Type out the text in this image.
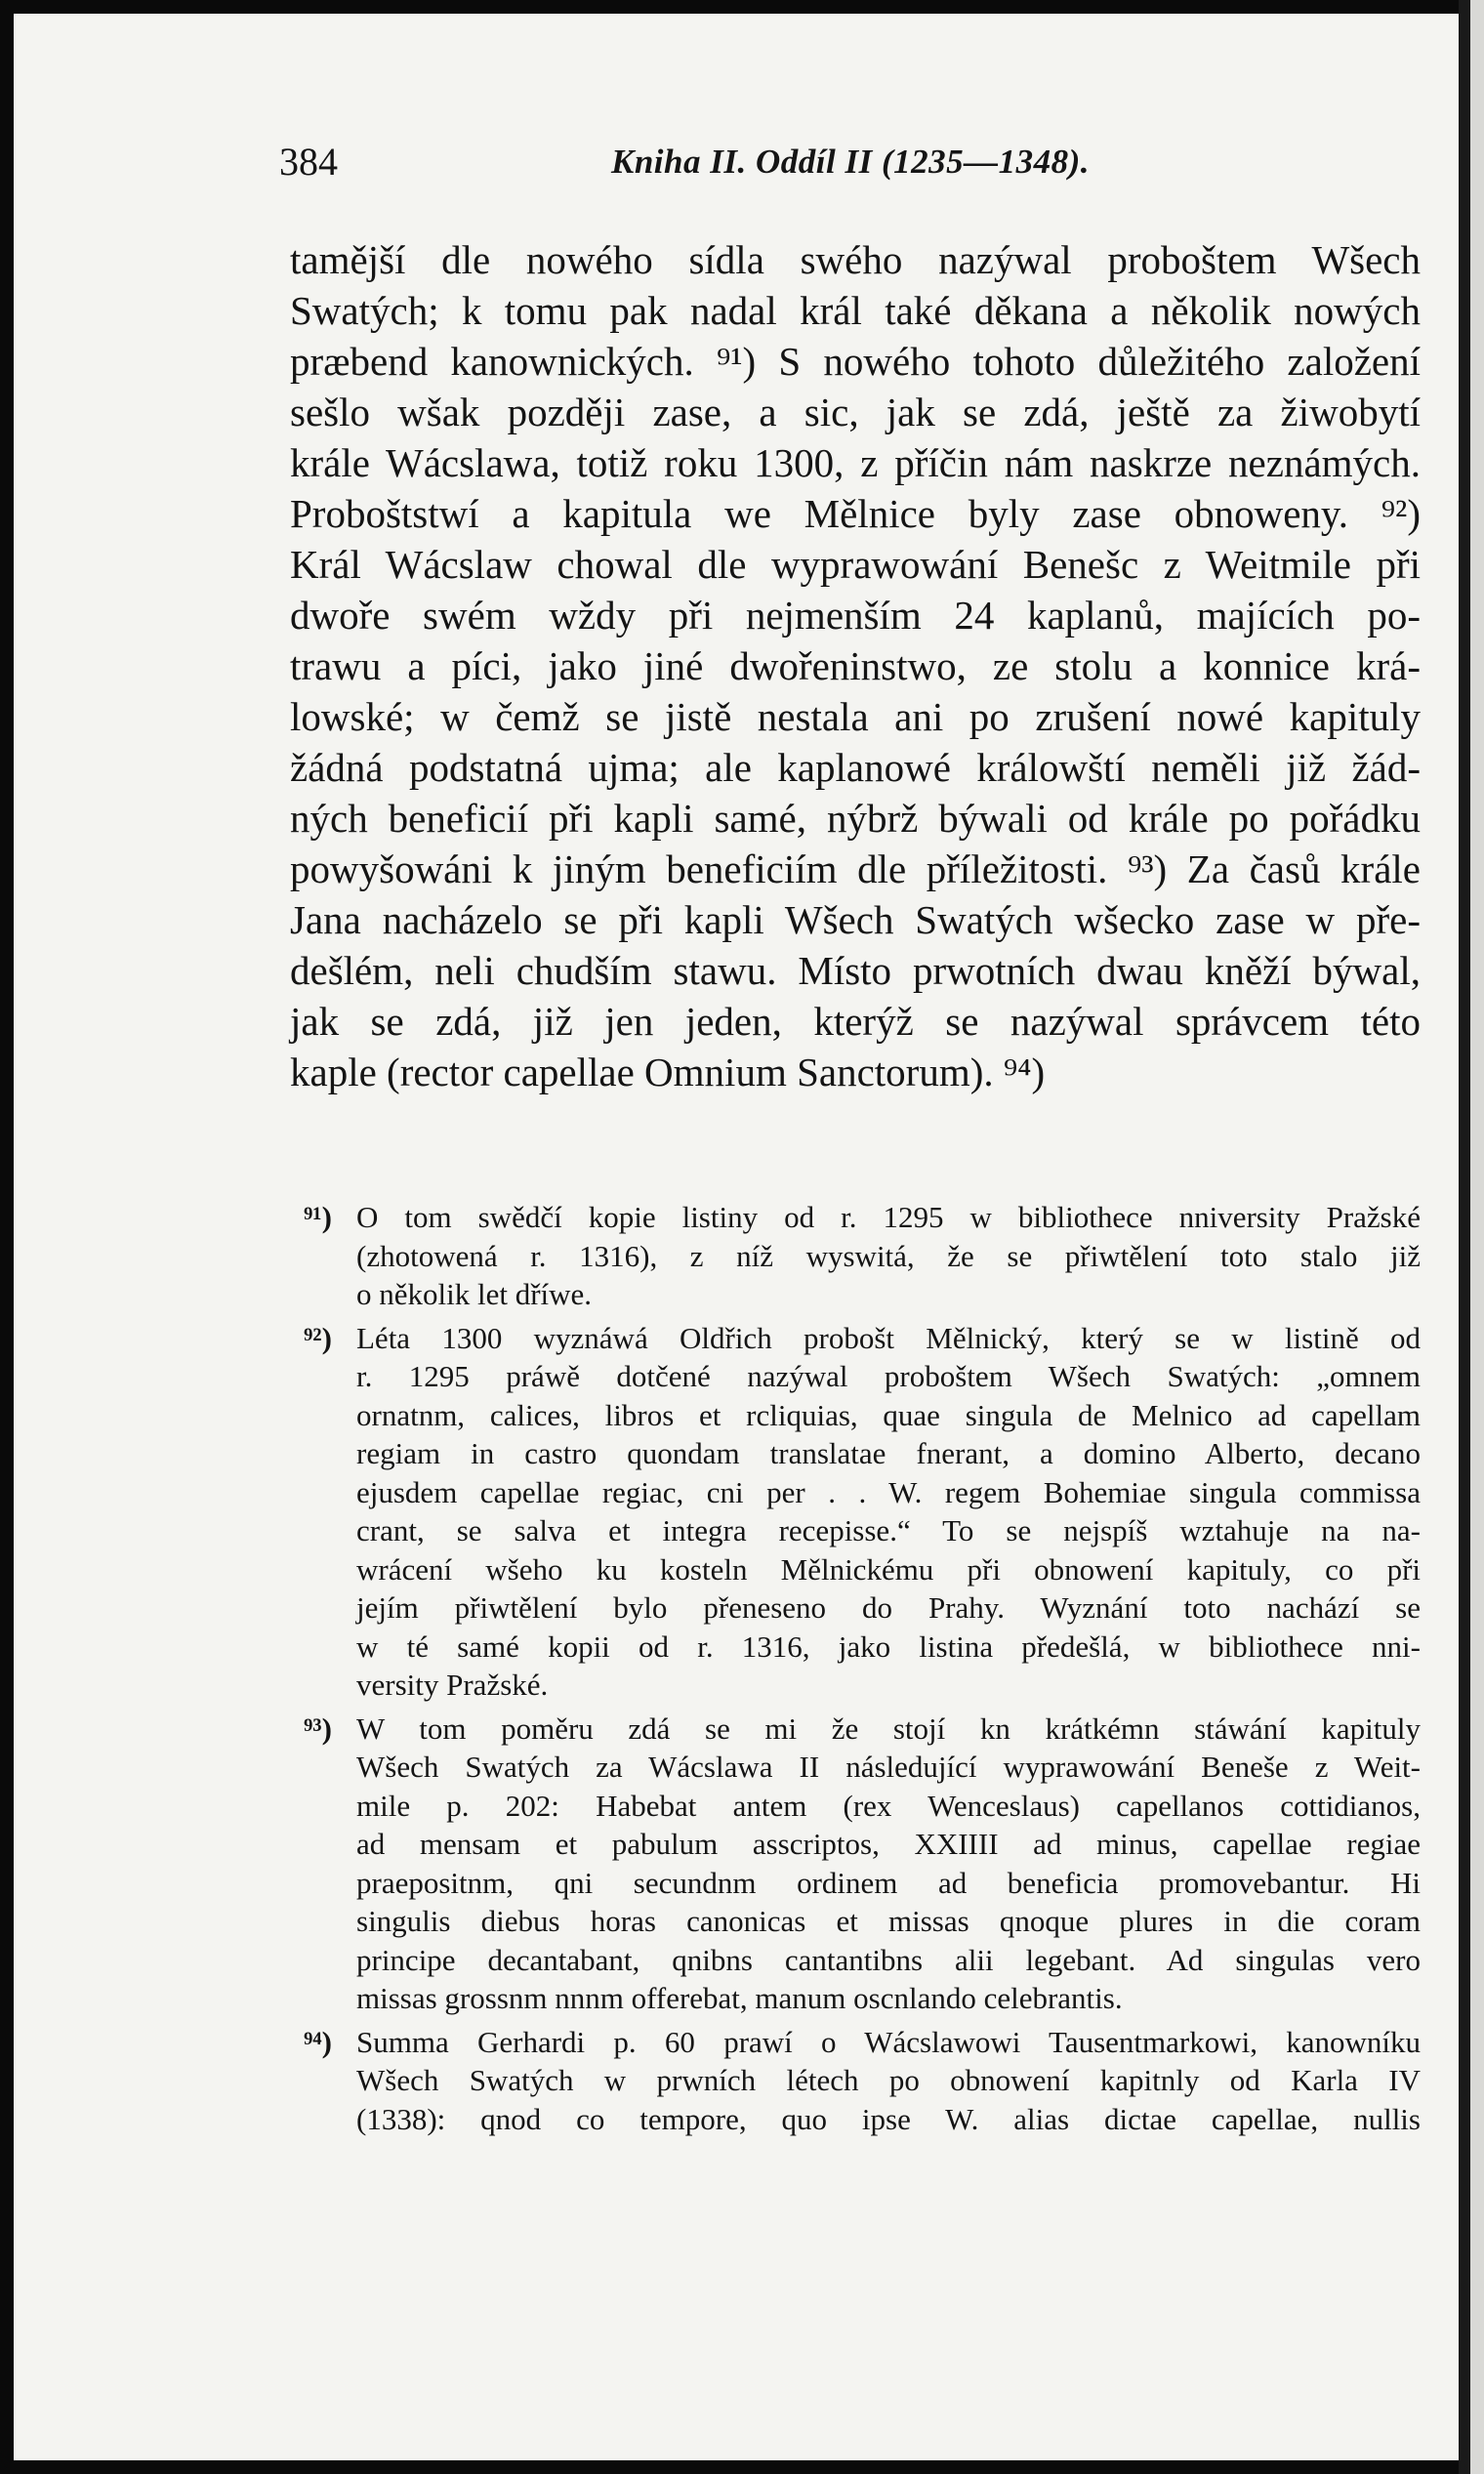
384	Kniha II. Oddíl II (1235—1348).
tamější dle nowého sídla swého nazýwal proboštem Wšech
Swatých; k tomu pak nadal král také děkana a několik nowých
præbend kanownických. ⁹¹) S nowého tohoto důležitého založení
sešlo wšak později zase, a sic, jak se zdá, ještě za žiwobytí
krále Wácslawa, totiž roku 1300, z příčin nám naskrze neznámých.
Proboštstwí a kapitula we Mělnice byly zase obnoweny. ⁹²)
Král Wácslaw chowal dle wyprawowání Benešc z Weitmile při
dwoře swém wždy při nejmenším 24 kaplanů, majících po-
trawu a píci, jako jiné dwořeninstwo, ze stolu a konnice krá-
lowské; w čemž se jistě nestala ani po zrušení nowé kapituly
žádná podstatná ujma; ale kaplanowé králowští neměli již žád-
ných beneficií při kapli samé, nýbrž býwali od krále po pořádku
powyšowáni k jiným beneficiím dle příležitosti. ⁹³) Za časů krále
Jana nacházelo se při kapli Wšech Swatých wšecko zase w pře-
dešlém, neli chudším stawu. Místo prwotních dwau kněží býwal,
jak se zdá, již jen jeden, kterýž se nazýwal správcem této
kaple (rector capellae Omnium Sanctorum). ⁹⁴)
⁹¹) O tom swědčí kopie listiny od r. 1295 w bibliothece nniversity Pražské
(zhotowená r. 1316), z níž wyswitá, že se přiwtělení toto stalo již
o několik let dříwe.
⁹²) Léta 1300 wyznáwá Oldřich probošt Mělnický, který se w listině od
r. 1295 práwě dotčené nazýwal proboštem Wšech Swatých: „omnem
ornatnm, calices, libros et rcliquias, quae singula de Melnico ad capellam
regiam in castro quondam translatae fnerant, a domino Alberto, decano
ejusdem capellae regiac, cni per . . W. regem Bohemiae singula commissa
crant, se salva et integra recepisse.“ To se nejspíš wztahuje na na-
wrácení wšeho ku kosteln Mělnickému při obnowení kapituly, co při
jejím přiwtělení bylo přeneseno do Prahy. Wyznání toto nachází se
w té samé kopii od r. 1316, jako listina předešlá, w bibliothece nni-
versity Pražské.
⁹³) W tom poměru zdá se mi že stojí kn krátkémn stáwání kapituly
Wšech Swatých za Wácslawa II následující wyprawowání Beneše z Weit-
mile p. 202: Habebat antem (rex Wenceslaus) capellanos cottidianos,
ad mensam et pabulum asscriptos, XXIIII ad minus, capellae regiae
praepositnm, qni secundnm ordinem ad beneficia promovebantur. Hi
singulis diebus horas canonicas et missas qnoque plures in die coram
principe decantabant, qnibns cantantibns alii legebant. Ad singulas vero
missas grossnm nnnm offerebat, manum oscnlando celebrantis.
⁹⁴) Summa Gerhardi p. 60 prawí o Wácslawowi Tausentmarkowi, kanowníku
Wšech Swatých w prwních létech po obnowení kapitnly od Karla IV
(1338): qnod co tempore, quo ipse W. alias dictae capellae, nullis
